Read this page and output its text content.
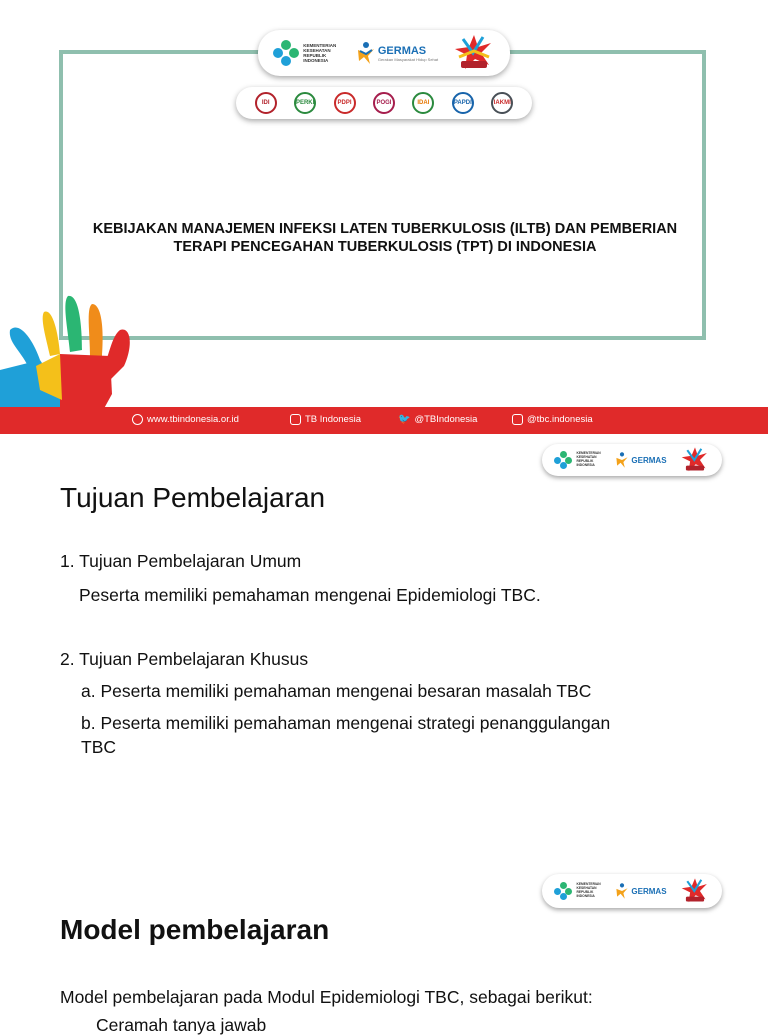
KEMENTERIAN KESEHATAN REPUBLIK INDONESIA
GERMAS
Gerakan Masyarakat Hidup Sehat
IDI	PERKI	PDPI	POGI	IDAI	PAPDI	IAKMI
KEBIJAKAN MANAJEMEN INFEKSI LATEN TUBERKULOSIS (ILTB) DAN PEMBERIAN TERAPI PENCEGAHAN TUBERKULOSIS (TPT) DI INDONESIA
www.tbindonesia.or.id	TB Indonesia	🐦 @TBIndonesia	@tbc.indonesia
KEMENTERIAN KESEHATAN REPUBLIK INDONESIA
GERMAS
Tujuan Pembelajaran

1. Tujuan Pembelajaran Umum

Peserta memiliki pemahaman mengenai Epidemiologi TBC.

2. Tujuan Pembelajaran Khusus

a. Peserta memiliki pemahaman mengenai besaran masalah TBC

b. Peserta memiliki pemahaman mengenai strategi penanggulangan

TBC

KEMENTERIAN KESEHATAN REPUBLIK INDONESIA
GERMAS
Model pembelajaran

Model pembelajaran pada Modul Epidemiologi TBC, sebagai berikut:

Ceramah tanya jawab
